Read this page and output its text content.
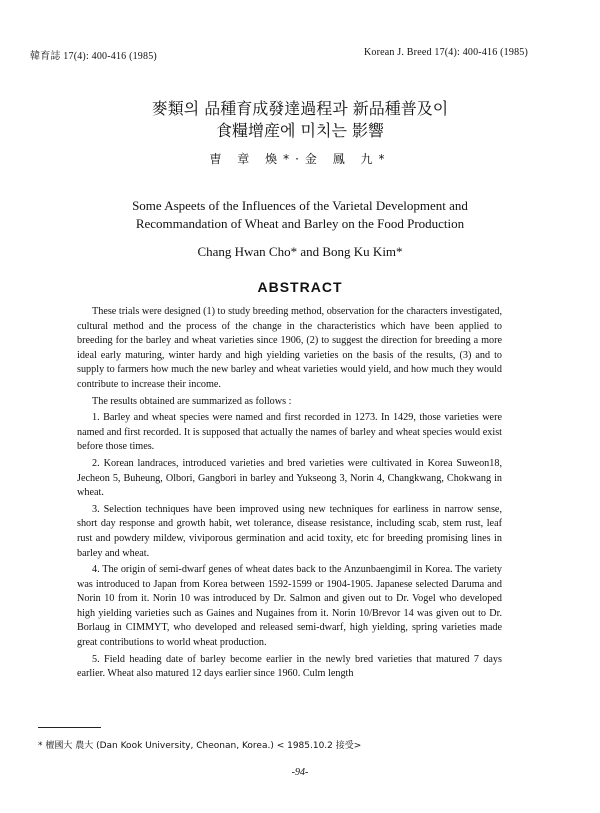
韓育誌 17(4): 400-416 (1985)	Korean J. Breed 17(4): 400-416 (1985)
麥類의 品種育成發達過程과 新品種普及이
食糧增産에 미치는 影響
曺 章 煥*·金 鳳 九*
Some Aspeets of the Influences of the Varietal Development and
Recommandation of Wheat and Barley on the Food Production
Chang Hwan Cho* and Bong Ku Kim*
ABSTRACT

These trials were designed (1) to study breeding method, observation for the characters investigated, cultural method and the process of the change in the characteristics which have been applied to breeding for the barley and wheat varieties since 1906, (2) to suggest the direction for breeding a more ideal early maturing, winter hardy and high yielding varieties on the basis of the results, (3) and to supply to farmers how much the new barley and wheat varieties would yield, and how much they would contribute to increase their income.

The results obtained are summarized as follows :

1. Barley and wheat species were named and first recorded in 1273. In 1429, those varieties were named and first recorded. It is supposed that actually the names of barley and wheat species would exist before those times.

2. Korean landraces, introduced varieties and bred varieties were cultivated in Korea Suweon18, Jecheon 5, Buheung, Olbori, Gangbori in barley and Yukseong 3, Norin 4, Changkwang, Chokwang in wheat.

3. Selection techniques have been improved using new techniques for earliness in narrow sense, short day response and growth habit, wet tolerance, disease resistance, including scab, stem rust, leaf rust and powdery mildew, viviporous germination and acid toxity, etc for breeding promising lines in barley and wheat.

4. The origin of semi-dwarf genes of wheat dates back to the Anzunbaengimil in Korea. The variety was introduced to Japan from Korea between 1592-1599 or 1904-1905. Japanese selected Daruma and Norin 10 from it. Norin 10 was introduced by Dr. Salmon and given out to Dr. Vogel who developed high yielding varieties such as Gaines and Nugaines from it. Norin 10/Brevor 14 was given out to Dr. Borlaug in CIMMYT, who developed and released semi-dwarf, high yielding, spring varieties made great contributions to world wheat production.

5. Field heading date of barley become earlier in the newly bred varieties that matured 7 days earlier. Wheat also matured 12 days earlier since 1960. Culm length

* 檀國大 農大 (Dan Kook University, Cheonan, Korea.) < 1985.10.2 接受>
-94-
